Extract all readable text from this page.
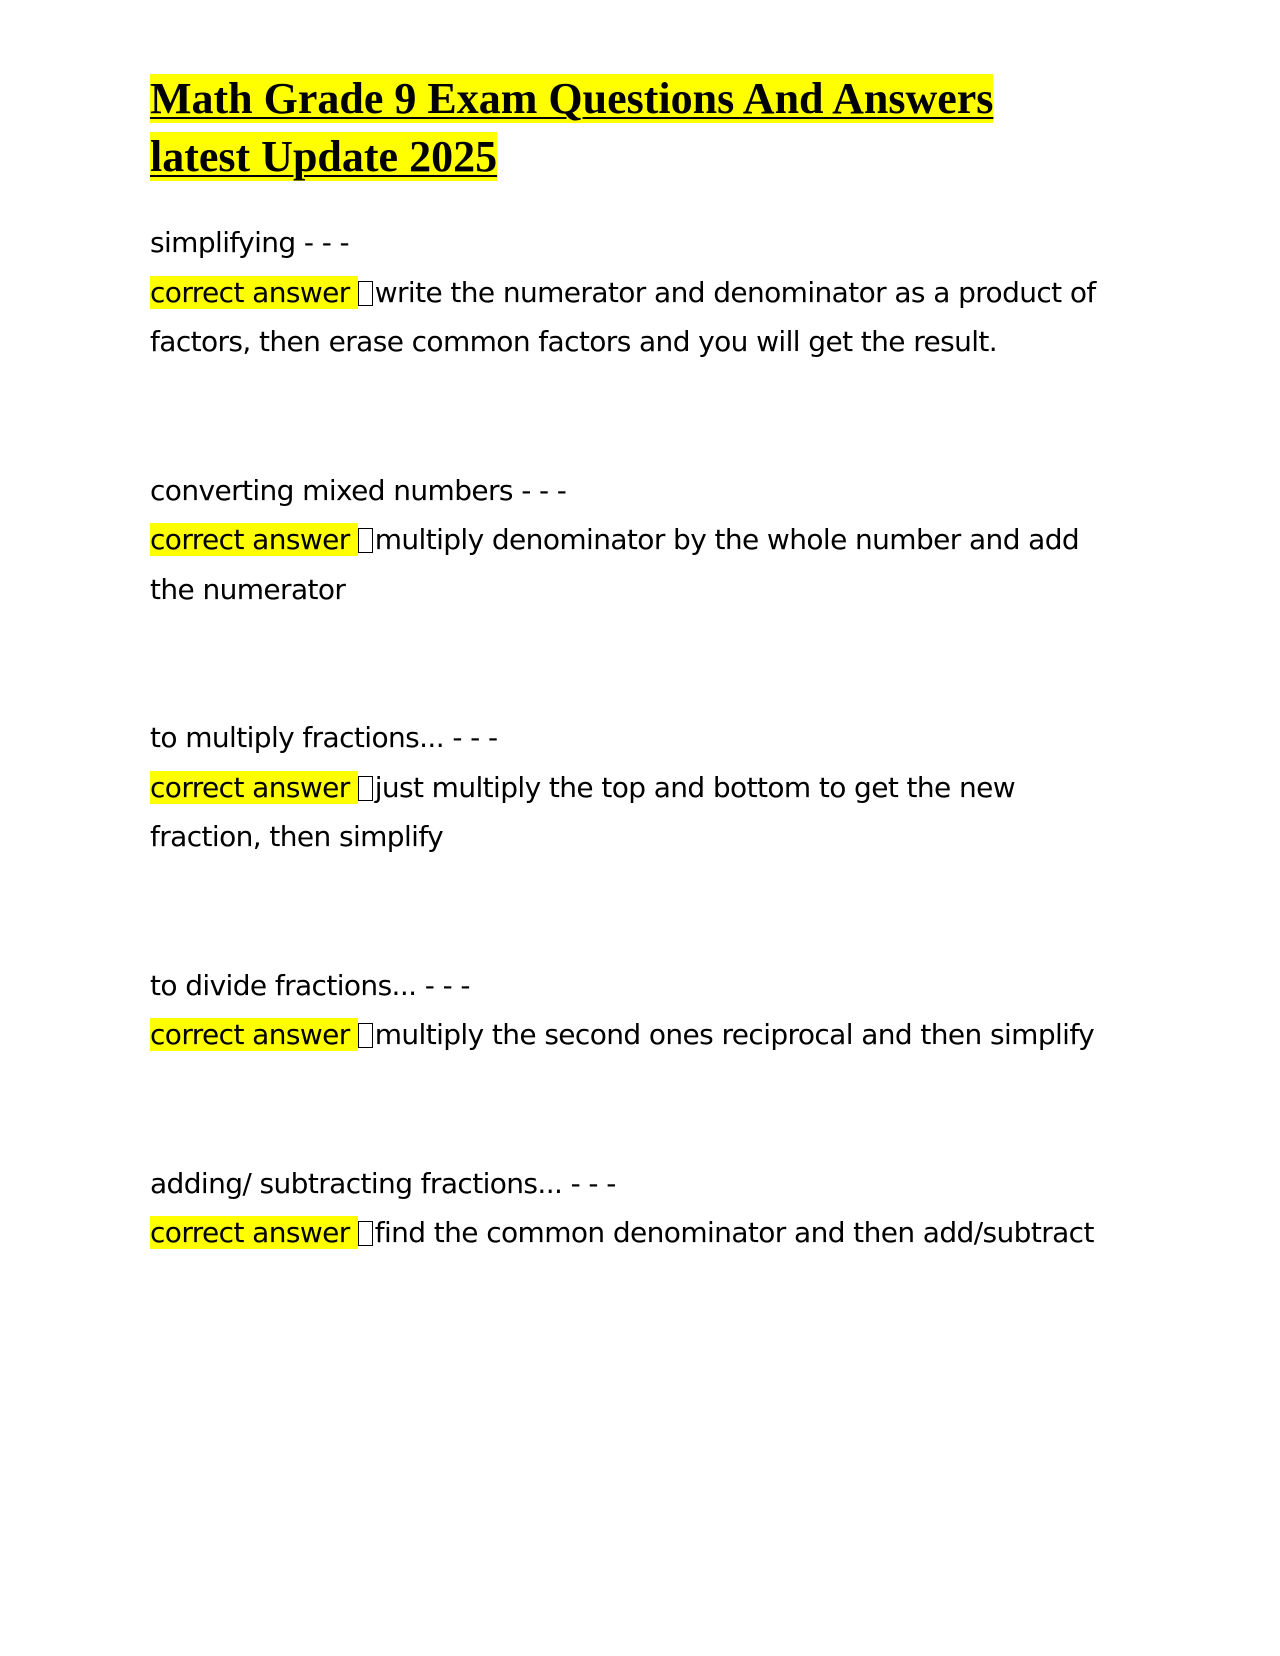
Math Grade 9 Exam Questions And Answers
latest Update 2025
simplifying - - -
correct answer write the numerator and denominator as a product of factors, then erase common factors and you will get the result.
converting mixed numbers - - -
correct answer multiply denominator by the whole number and add the numerator
to multiply fractions... - - -
correct answer just multiply the top and bottom to get the new fraction, then simplify
to divide fractions... - - -
correct answer multiply the second ones reciprocal and then simplify
adding/ subtracting fractions... - - -
correct answer find the common denominator and then add/subtract
